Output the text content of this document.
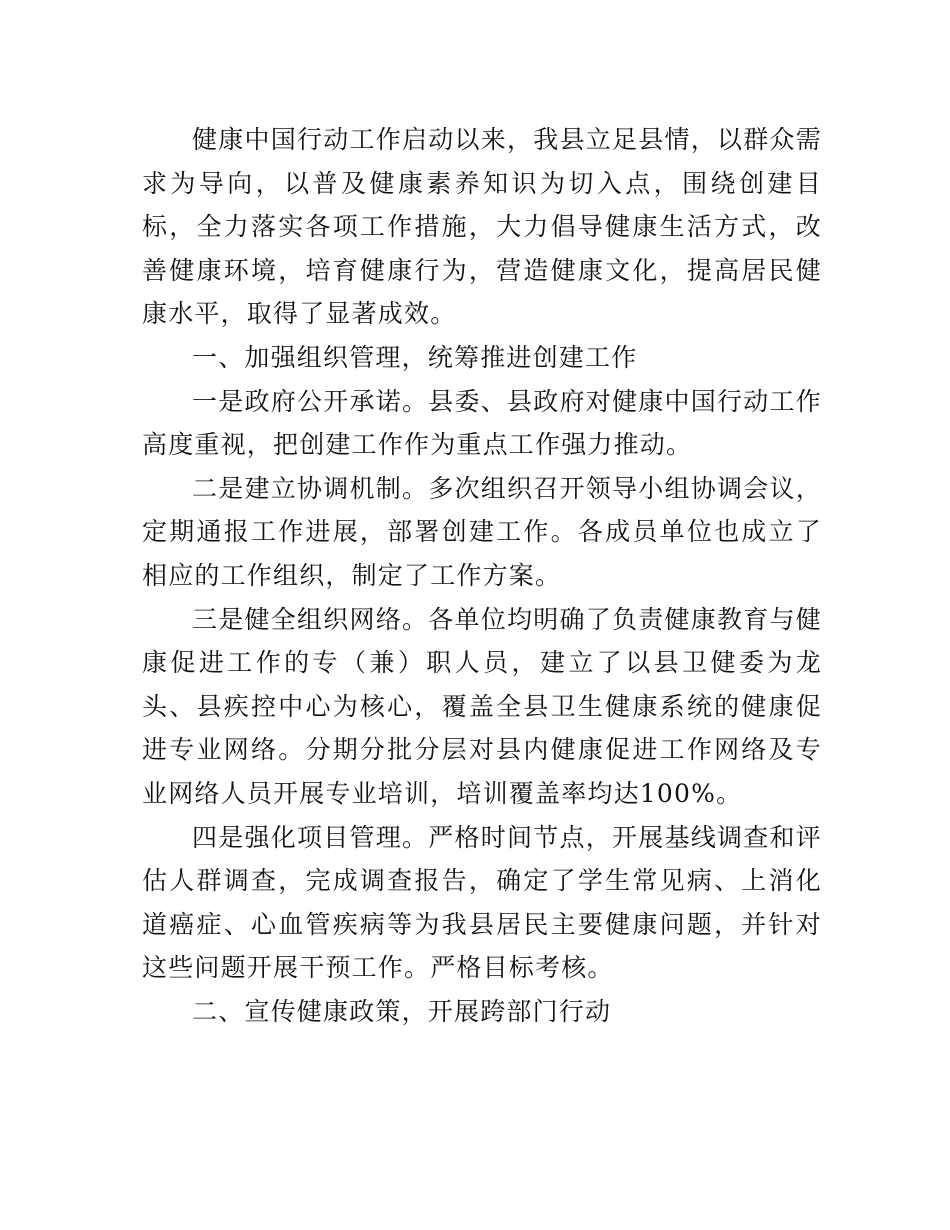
健康中国行动工作启动以来，我县立足县情，以群众需求为导向，以普及健康素养知识为切入点，围绕创建目标，全力落实各项工作措施，大力倡导健康生活方式，改善健康环境，培育健康行为，营造健康文化，提高居民健康水平，取得了显著成效。

一、加强组织管理，统筹推进创建工作

一是政府公开承诺。县委、县政府对健康中国行动工作高度重视，把创建工作作为重点工作强力推动。

二是建立协调机制。多次组织召开领导小组协调会议，定期通报工作进展，部署创建工作。各成员单位也成立了相应的工作组织，制定了工作方案。

三是健全组织网络。各单位均明确了负责健康教育与健康促进工作的专（兼）职人员，建立了以县卫健委为龙头、县疾控中心为核心，覆盖全县卫生健康系统的健康促进专业网络。分期分批分层对县内健康促进工作网络及专业网络人员开展专业培训，培训覆盖率均达100%。

四是强化项目管理。严格时间节点，开展基线调查和评估人群调查，完成调查报告，确定了学生常见病、上消化道癌症、心血管疾病等为我县居民主要健康问题，并针对这些问题开展干预工作。严格目标考核。

二、宣传健康政策，开展跨部门行动
